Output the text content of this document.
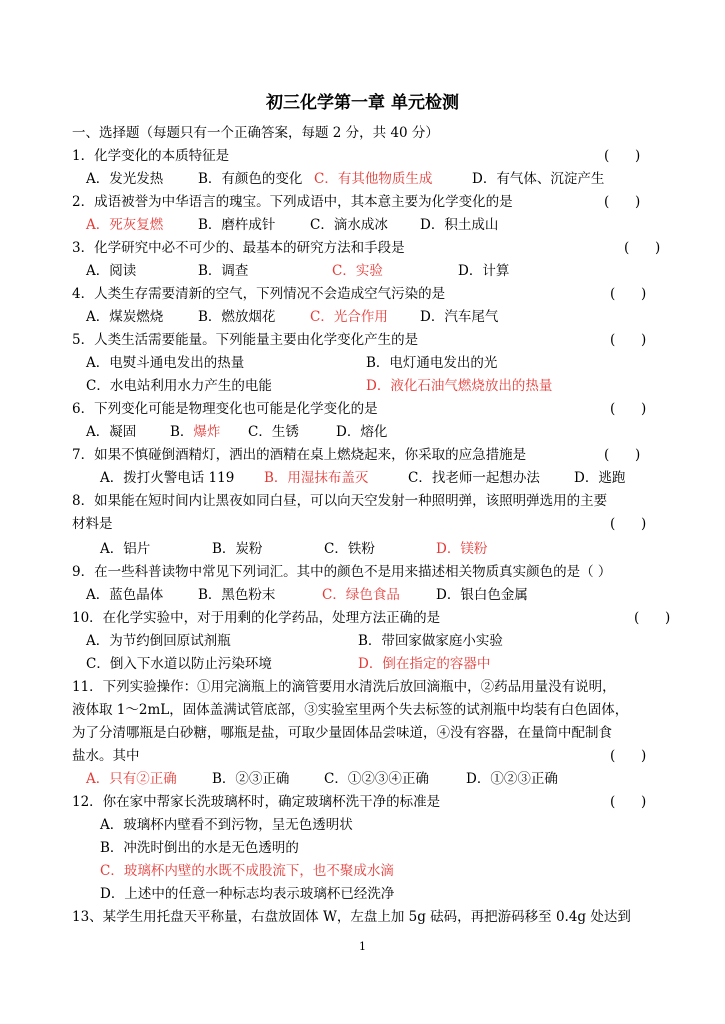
初三化学第一章 单元检测
一、选择题（每题只有一个正确答案，每题 2 分，共 40 分）
1．化学变化的本质特征是	(      )
A．发光发热	B．有颜色的变化 C．有其他物质生成	D．有气体、沉淀产生
2．成语被誉为中华语言的瑰宝。下列成语中，其本意主要为化学变化的是	(      )
A．死灰复燃	B．磨杵成针	C．滴水成冰 D．积土成山
3．化学研究中必不可少的、最基本的研究方法和手段是	(      )
A．阅读	B．调查	C．实验	D．计算
4．人类生存需要清新的空气，下列情况不会造成空气污染的是	(      )
A．煤炭燃烧	B．燃放烟花	C．光合作用 D．汽车尾气
5．人类生活需要能量。下列能量主要由化学变化产生的是	(      )
A．电熨斗通电发出的热量	B．电灯通电发出的光
C．水电站利用水力产生的电能	D．液化石油气燃烧放出的热量
6．下列变化可能是物理变化也可能是化学变化的是	(      )
A．凝固	B．爆炸 C．生锈	D．熔化
7．如果不慎碰倒酒精灯，洒出的酒精在桌上燃烧起来，你采取的应急措施是	(      )
A．拨打火警电话 119 B．用湿抹布盖灭	C．找老师一起想办法	D．逃跑
8．如果能在短时间内让黑夜如同白昼，可以向天空发射一种照明弹，该照明弹选用的主要
材料是	(      )
A．铝片	B．炭粉	C．铁粉	D．镁粉
9．在一些科普读物中常见下列词汇。其中的颜色不是用来描述相关物质真实颜色的是（ ）
A．蓝色晶体	B．黑色粉末	C．绿色食品	D．银白色金属
10．在化学实验中，对于用剩的化学药品，处理方法正确的是	(      )
A．为节约倒回原试剂瓶	B．带回家做家庭小实验
C．倒入下水道以防止污染环境	D．倒在指定的容器中
11．下列实验操作：①用完滴瓶上的滴管要用水清洗后放回滴瓶中，②药品用量没有说明，
液体取 1～2mL，固体盖满试管底部，③实验室里两个失去标签的试剂瓶中均装有白色固体，
为了分清哪瓶是白砂糖，哪瓶是盐，可取少量固体品尝味道，④没有容器，在量筒中配制食
盐水。其中	(      )
A．只有②正确	B．②③正确	C．①②③④正确	D．①②③正确
12．你在家中帮家长洗玻璃杯时，确定玻璃杯洗干净的标准是	(      )
A．玻璃杯内壁看不到污物，呈无色透明状
B．冲洗时倒出的水是无色透明的
C．玻璃杯内壁的水既不成股流下，也不聚成水滴
D．上述中的任意一种标志均表示玻璃杯已经洗净
13、某学生用托盘天平称量，右盘放固体 W，左盘上加 5g 砝码，再把游码移至 0.4g 处达到
1
